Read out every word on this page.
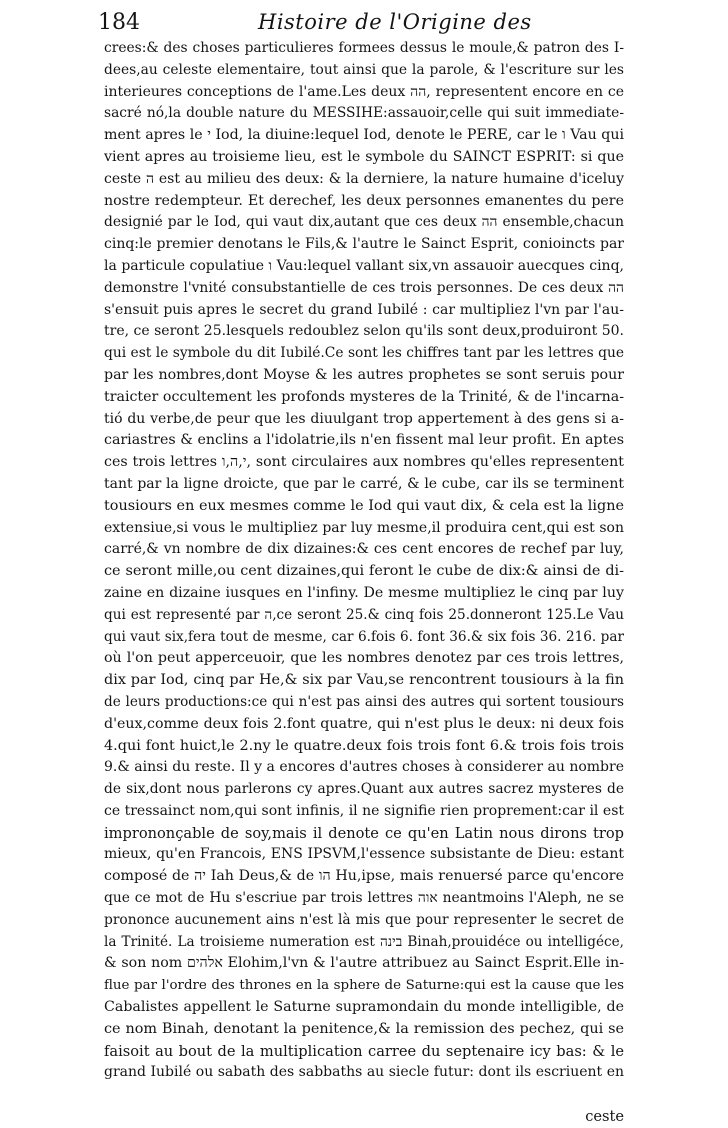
184	Histoire de l'Origine des
crees:& des choses particulieres formees dessus le moule,& patron des I-
dees,au celeste elementaire, tout ainsi que la parole, & l'escriture sur les
interieures conceptions de l'ame.Les deux הה, representent encore en ce
sacré nó,la double nature du MESSIHE:assauoir,celle qui suit immediate-
ment apres le י Iod, la diuine:lequel Iod, denote le PERE, car le ו Vau qui
vient apres au troisieme lieu, est le symbole du SAINCT ESPRIT: si que
ceste ה est au milieu des deux: & la derniere, la nature humaine d'iceluy
nostre redempteur. Et derechef, les deux personnes emanentes du pere
designié par le Iod, qui vaut dix,autant que ces deux הה ensemble,chacun
cinq:le premier denotans le Fils,& l'autre le Sainct Esprit, conioincts par
la particule copulatiue ו Vau:lequel vallant six,vn assauoir auecques cinq,
demonstre l'vnité consubstantielle de ces trois personnes. De ces deux הה
s'ensuit puis apres le secret du grand Iubilé : car multipliez l'vn par l'au-
tre, ce seront 25.lesquels redoublez selon qu'ils sont deux,produiront 50.
qui est le symbole du dit Iubilé.Ce sont les chiffres tant par les lettres que
par les nombres,dont Moyse & les autres prophetes se sont seruis pour
traicter occultement les profonds mysteres de la Trinité, & de l'incarna-
tió du verbe,de peur que les diuulgant trop appertement à des gens si a-
cariastres & enclins a l'idolatrie,ils n'en fissent mal leur profit. En aptes
ces trois lettres י,ה,ו, sont circulaires aux nombres qu'elles representent
tant par la ligne droicte, que par le carré, & le cube, car ils se terminent
tousiours en eux mesmes comme le Iod qui vaut dix, & cela est la ligne
extensiue,si vous le multipliez par luy mesme,il produira cent,qui est son
carré,& vn nombre de dix dizaines:& ces cent encores de rechef par luy,
ce seront mille,ou cent dizaines,qui feront le cube de dix:& ainsi de di-
zaine en dizaine iusques en l'infiny. De mesme multipliez le cinq par luy
qui est representé par ה,ce seront 25.& cinq fois 25.donneront 125.Le Vau
qui vaut six,fera tout de mesme, car 6.fois 6. font 36.& six fois 36. 216. par
où l'on peut apperceuoir, que les nombres denotez par ces trois lettres,
dix par Iod, cinq par He,& six par Vau,se rencontrent tousiours à la fin
de leurs productions:ce qui n'est pas ainsi des autres qui sortent tousiours
d'eux,comme deux fois 2.font quatre, qui n'est plus le deux: ni deux fois
4.qui font huict,le 2.ny le quatre.deux fois trois font 6.& trois fois trois
9.& ainsi du reste. Il y a encores d'autres choses à considerer au nombre
de six,dont nous parlerons cy apres.Quant aux autres sacrez mysteres de
ce tressainct nom,qui sont infinis, il ne signifie rien proprement:car il est
imprononçable de soy,mais il denote ce qu'en Latin nous dirons trop
mieux, qu'en Francois, ENS IPSVM,l'essence subsistante de Dieu: estant
composé de יה Iah Deus,& de הו Hu,ipse, mais renuersé parce qu'encore
que ce mot de Hu s'escriue par trois lettres אוה neantmoins l'Aleph, ne se
prononce aucunement ains n'est là mis que pour representer le secret de
la Trinité. La troisieme numeration est בינה Binah,prouidéce ou intelligéce,
& son nom אלהים Elohim,l'vn & l'autre attribuez au Sainct Esprit.Elle in-
flue par l'ordre des thrones en la sphere de Saturne:qui est la cause que les
Cabalistes appellent le Saturne supramondain du monde intelligible, de
ce nom Binah, denotant la penitence,& la remission des pechez, qui se
faisoit au bout de la multiplication carree du septenaire icy bas: & le
grand Iubilé ou sabath des sabbaths au siecle futur: dont ils escriuent en
ceste
